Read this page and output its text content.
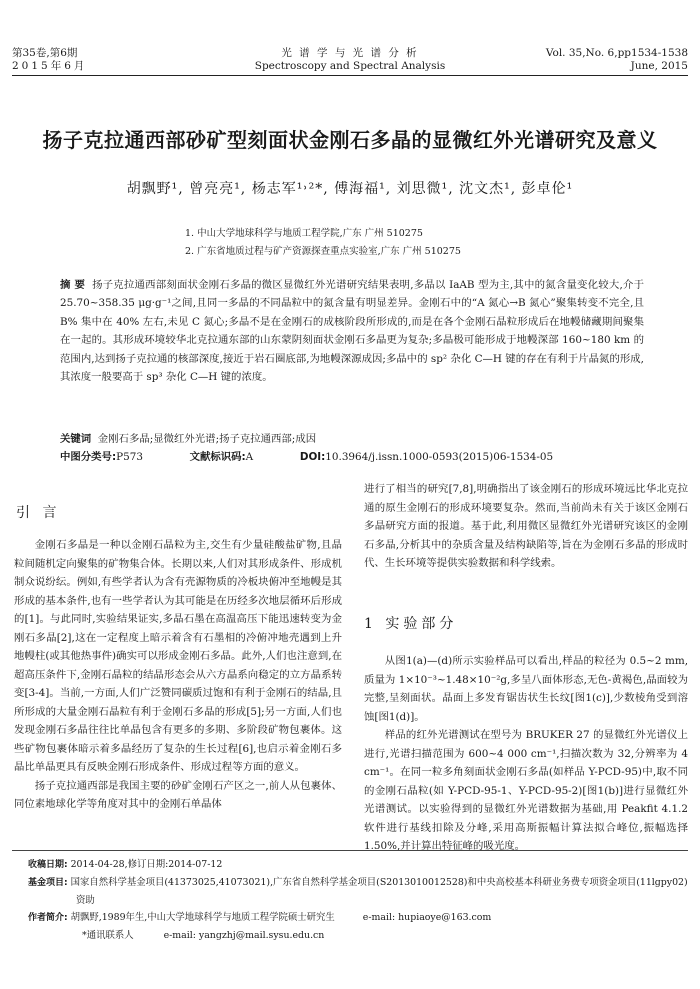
第35卷,第6期
2015年6月
光 谱 学 与 光 谱 分 析
Spectroscopy and Spectral Analysis
Vol. 35,No. 6,pp1534-1538
June, 2015
扬子克拉通西部砂矿型刻面状金刚石多晶的显微红外光谱研究及意义
胡飘野¹, 曾亮亮¹, 杨志军¹˒²*, 傅海福¹, 刘思微¹, 沈文杰¹, 彭卓伦¹
1. 中山大学地球科学与地质工程学院,广东 广州 510275
2. 广东省地质过程与矿产资源探查重点实验室,广东 广州 510275
摘 要 扬子克拉通西部刻面状金刚石多晶的微区显微红外光谱研究结果表明,多晶以 IaAB 型为主,其中的氮含量变化较大,介于 25.70~358.35 μg·g⁻¹之间,且同一多晶的不同晶粒中的氮含量有明显差异。金刚石中的“A 氮心→B 氮心”聚集转变不完全,且 B% 集中在 40% 左右,未见 C 氮心;多晶不是在金刚石的成核阶段所形成的,而是在各个金刚石晶粒形成后在地幔储藏期间聚集在一起的。其形成环境较华北克拉通东部的山东蒙阴刻面状金刚石多晶更为复杂;多晶极可能形成于地幔深部 160~180 km 的范围内,达到扬子克拉通的核部深度,接近于岩石圈底部,为地幔深源成因;多晶中的 sp² 杂化 C—H 键的存在有利于片晶氮的形成,其浓度一般要高于 sp³ 杂化 C—H 键的浓度。
关键词 金刚石多晶;显微红外光谱;扬子克拉通西部;成因
中图分类号:P573	文献标识码:A	DOI:10.3964/j.issn.1000-0593(2015)06-1534-05
引 言

金刚石多晶是一种以金刚石晶粒为主,交生有少量硅酸盐矿物,且晶粒间随机定向聚集的矿物集合体。长期以来,人们对其形成条件、形成机制众说纷纭。例如,有些学者认为含有壳源物质的冷板块俯冲至地幔是其形成的基本条件,也有一些学者认为其可能是在历经多次地层循环后形成的[1]。与此同时,实验结果证实,多晶石墨在高温高压下能迅速转变为金刚石多晶[2],这在一定程度上暗示着含有石墨相的冷俯冲地壳遇到上升地幔柱(或其他热事件)确实可以形成金刚石多晶。此外,人们也注意到,在超高压条件下,金刚石晶粒的结晶形态会从六方晶系向稳定的立方晶系转变[3-4]。当前,一方面,人们广泛赞同碳质过饱和有利于金刚石的结晶,且所形成的大量金刚石晶粒有利于金刚石多晶的形成[5];另一方面,人们也发现金刚石多晶往往比单晶包含有更多的多期、多阶段矿物包裹体。这些矿物包裹体暗示着多晶经历了复杂的生长过程[6],也启示着金刚石多晶比单晶更具有反映金刚石形成条件、形成过程等方面的意义。

扬子克拉通西部是我国主要的砂矿金刚石产区之一,前人从包裹体、同位素地球化学等角度对其中的金刚石单晶体

进行了相当的研究[7,8],明确指出了该金刚石的形成环境远比华北克拉通的原生金刚石的形成环境要复杂。然而,当前尚未有关于该区金刚石多晶研究方面的报道。基于此,利用微区显微红外光谱研究该区的金刚石多晶,分析其中的杂质含量及结构缺陷等,旨在为金刚石多晶的形成时代、生长环境等提供实验数据和科学线索。

1 实验部分

从图1(a)—(d)所示实验样品可以看出,样品的粒径为 0.5~2 mm,质量为 1×10⁻³~1.48×10⁻²g,多呈八面体形态,无色-黄褐色,晶面较为完整,呈刻面状。晶面上多发育锯齿状生长纹[图1(c)],少数棱角受到溶蚀[图1(d)]。

样品的红外光谱测试在型号为 BRUKER 27 的显微红外光谱仪上进行,光谱扫描范围为 600~4 000 cm⁻¹,扫描次数为 32,分辨率为 4 cm⁻¹。在同一粒多角刻面状金刚石多晶(如样品 Y-PCD-95)中,取不同的金刚石晶粒(如 Y-PCD-95-1、Y-PCD-95-2)[图1(b)]进行显微红外光谱测试。以实验得到的显微红外光谱数据为基础,用 Peakfit 4.1.2 软件进行基线扣除及分峰,采用高斯振幅计算法拟合峰位,振幅选择 1.50%,并计算出特征峰的吸光度。

收稿日期: 2014-04-28,修订日期:2014-07-12
基金项目: 国家自然科学基金项目(41373025,41073021),广东省自然科学基金项目(S2013010012528)和中央高校基本科研业务费专项资金项目(11lgpy02)资助
作者简介: 胡飘野,1989年生,中山大学地球科学与地质工程学院硕士研究生	e-mail: hupiaoye@163.com
*通讯联系人	e-mail: yangzhj@mail.sysu.edu.cn
